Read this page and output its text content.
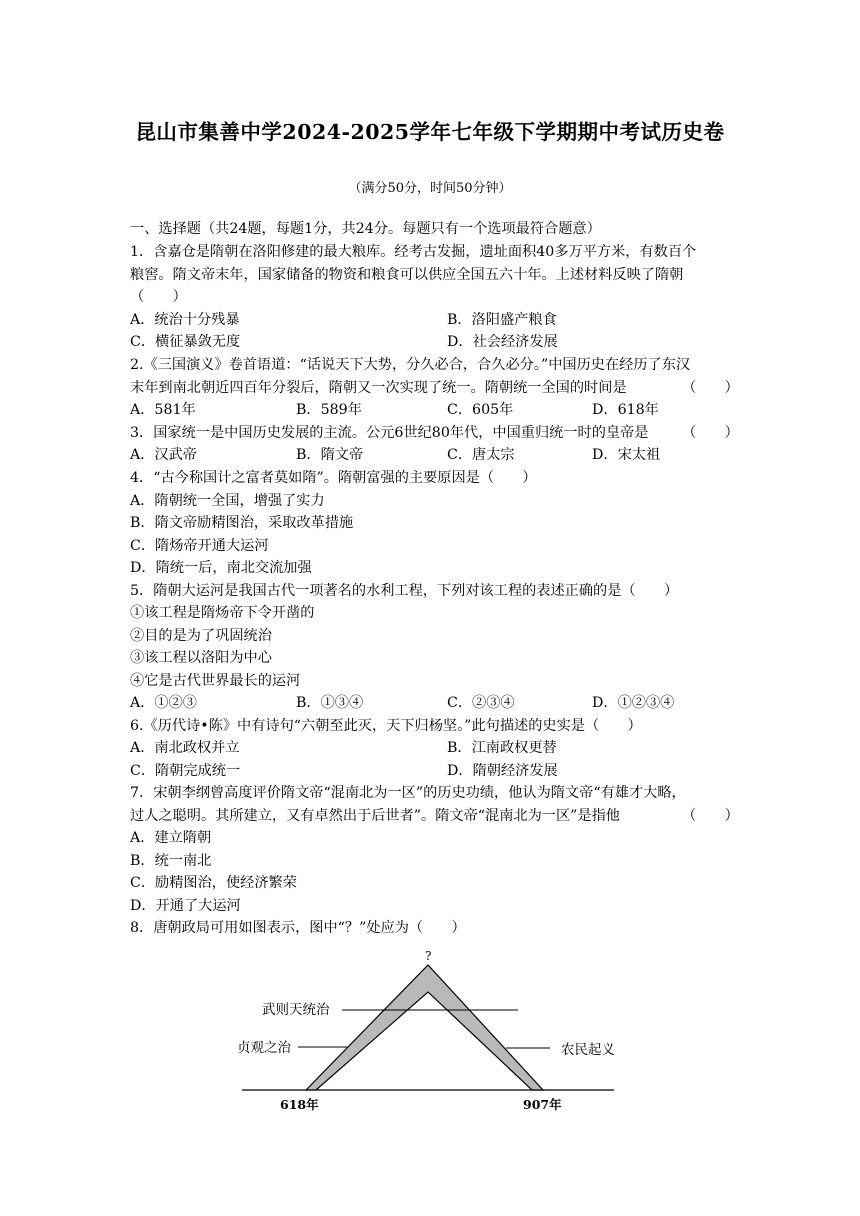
昆山市集善中学2024-2025学年七年级下学期期中考试历史卷
（满分50分，时间50分钟）
一、选择题（共24题，每题1分，共24分。每题只有一个选项最符合题意）
1．含嘉仓是隋朝在洛阳修建的最大粮库。经考古发掘，遗址面积40多万平方米，有数百个
粮窖。隋文帝末年，国家储备的物资和粮食可以供应全国五六十年。上述材料反映了隋朝
（　　）
A．统治十分残暴	B．洛阳盛产粮食
C．横征暴敛无度	D．社会经济发展
2.《三国演义》卷首语道：“话说天下大势，分久必合，合久必分。”中国历史在经历了东汉
末年到南北朝近四百年分裂后，隋朝又一次实现了统一。隋朝统一全国的时间是	（　　）
A．581年	B．589年	C．605年	D．618年
3．国家统一是中国历史发展的主流。公元6世纪80年代，中国重归统一时的皇帝是 （　　）
A．汉武帝	B．隋文帝	C．唐太宗	D．宋太祖
4．“古今称国计之富者莫如隋”。隋朝富强的主要原因是（　　）
A．隋朝统一全国，增强了实力
B．隋文帝励精图治，采取改革措施
C．隋炀帝开通大运河
D．隋统一后，南北交流加强
5．隋朝大运河是我国古代一项著名的水利工程，下列对该工程的表述正确的是（　　）
①该工程是隋炀帝下令开凿的
②目的是为了巩固统治
③该工程以洛阳为中心
④它是古代世界最长的运河
A．①②③	B．①③④	C．②③④	D．①②③④
6.《历代诗•陈》中有诗句“六朝至此灭，天下归杨坚。”此句描述的史实是（　　）
A．南北政权并立	B．江南政权更替
C．隋朝完成统一	D．隋朝经济发展
7．宋朝李纲曾高度评价隋文帝“混南北为一区”的历史功绩，他认为隋文帝“有雄才大略，
过人之聪明。其所建立，又有卓然出于后世者”。隋文帝“混南北为一区”是指他	（　　）
A．建立隋朝
B．统一南北
C．励精图治，使经济繁荣
D．开通了大运河
8．唐朝政局可用如图表示，图中“？”处应为（　　）
?
武则天统治
贞观之治	农民起义
618年	907年
